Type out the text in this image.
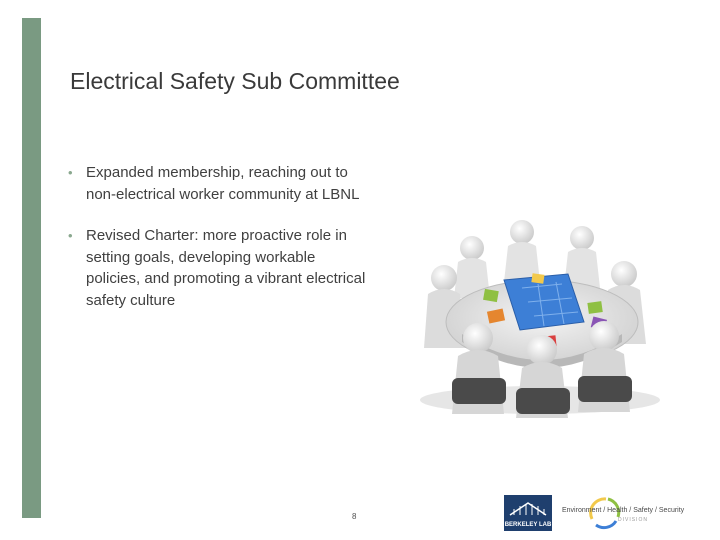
Electrical Safety Sub Committee
• Expanded membership, reaching out to non-electrical worker community at LBNL
• Revised Charter: more proactive role in setting goals, developing workable policies, and promoting a vibrant electrical safety culture
8
BERKELEY LAB
Environment / Health / Safety / Security
DIVISION
